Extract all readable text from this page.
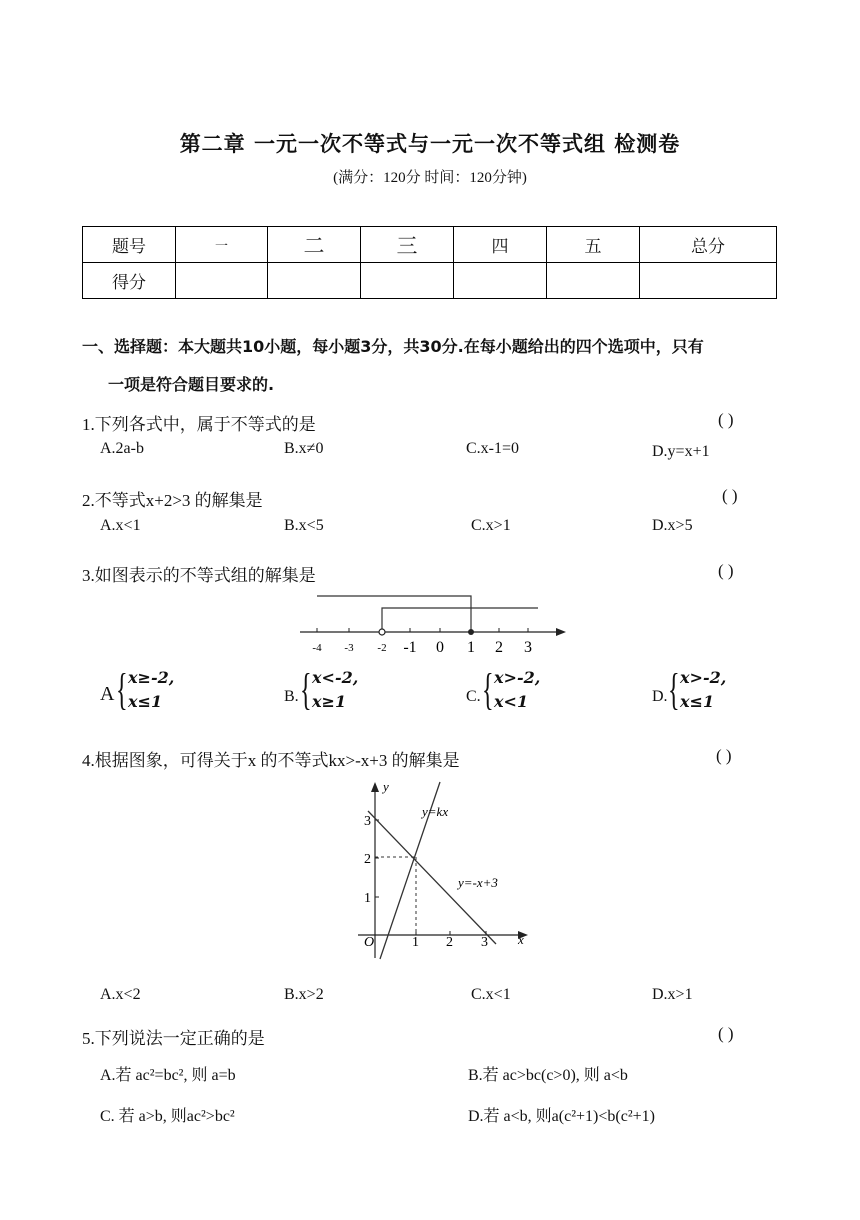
第二章 一元一次不等式与一元一次不等式组 检测卷
(满分：120分 时间：120分钟)
题号	一	二	三	四	五	总分
得分						
一、选择题：本大题共10小题，每小题3分，共30分.在每小题给出的四个选项中，只有
一项是符合题目要求的.
1.下列各式中，属于不等式的是	( )
A.2a-b	B.x≠0	C.x-1=0	D.y=x+1
2.不等式x+2>3 的解集是	( )
A.x<1	B.x<5	C.x>1	D.x>5
3.如图表示的不等式组的解集是	( )
-4 -3 -2 -1 0 1 2 3
A { x≥-2,
x≤1	B. { x<-2,
x≥1	C. { x>-2,
x<1	D. { x>-2,
x≤1
4.根据图象，可得关于x 的不等式kx>-x+3 的解集是	( )
y
x
O
y=kx
y=-x+3
1 2 3
1
2
3
A.x<2	B.x>2	C.x<1	D.x>1
5.下列说法一定正确的是	( )
A.若 ac²=bc², 则 a=b	B.若 ac>bc(c>0), 则 a<b
C. 若 a>b, 则ac²>bc²	D.若 a<b, 则a(c²+1)<b(c²+1)
